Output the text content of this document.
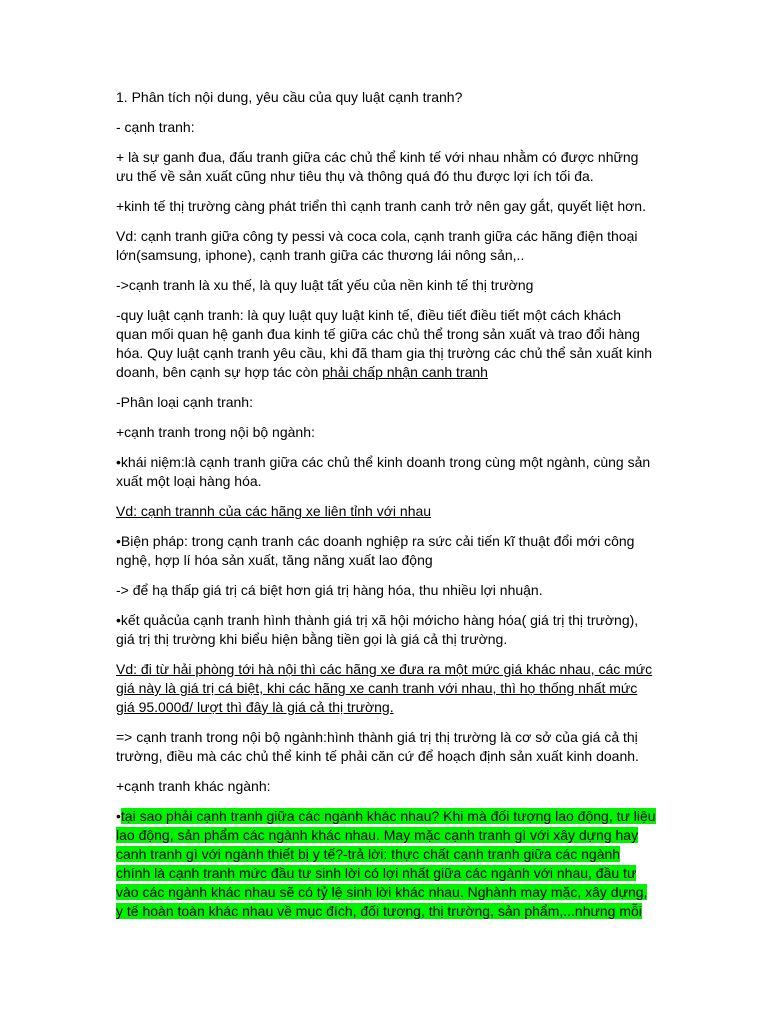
1. Phân tích nội dung, yêu cầu của quy luật cạnh tranh?

- cạnh tranh:

+ là sự ganh đua, đấu tranh giữa các chủ thể kinh tế với nhau nhằm có được những ưu thế về sản xuất cũng như tiêu thụ và thông quá đó thu được lợi ích tối đa.

+kinh tế thị trường càng phát triển thì cạnh tranh canh trở nên gay gắt, quyết liệt hơn.

Vd: cạnh tranh giữa công ty pessi và coca cola, cạnh tranh giữa các hãng điện thoại lớn(samsung, iphone), cạnh tranh giữa các thương lái nông sản,..

->cạnh tranh là xu thế, là quy luật tất yếu của nền kinh tế thị trường

-quy luật cạnh tranh: là quy luật quy luật kinh tế, điều tiết điều tiết một cách khách quan mối quan hệ ganh đua kinh tế giữa các chủ thể trong sản xuất và trao đổi hàng hóa. Quy luật cạnh tranh yêu cầu, khi đã tham gia thị trường các chủ thể sản xuất kinh doanh, bên cạnh sự hợp tác còn phải chấp nhận canh tranh

-Phân loại cạnh tranh:

+cạnh tranh trong nội bộ ngành:

•khái niệm:là cạnh tranh giữa các chủ thể kinh doanh trong cùng một ngành, cùng sản xuất một loại hàng hóa.

Vd: cạnh trannh của các hãng xe liên tỉnh với nhau

•Biện pháp: trong cạnh tranh các doanh nghiệp ra sức cải tiến kĩ thuật đổi mới công nghệ, hợp lí hóa sản xuất, tăng năng xuất lao động

-> để hạ thấp giá trị cá biệt hơn giá trị hàng hóa, thu nhiều lợi nhuận.

•kết quảcủa cạnh tranh hình thành giá trị xã hội mớicho hàng hóa( giá trị thị trường), giá trị thị trường khi biểu hiện bằng tiền gọi là giá cả thị trường.

Vd: đi từ hải phòng tới hà nội thì các hãng xe đưa ra một mức giá khác nhau, các mức giá này là giá trị cá biệt, khi các hãng xe canh tranh với nhau, thì họ thống nhất mức giá 95.000đ/ lượt thì đây là giá cả thị trường.

=> cạnh tranh trong nội bộ ngành:hình thành giá trị thị trường là cơ sở của giá cả thị trường, điều mà các chủ thể kinh tế phải căn cứ để hoạch định sản xuất kinh doanh.

+cạnh tranh khác ngành:

•tại sao phải cạnh tranh giữa các ngành khác nhau? Khi mà đối tượng lao động, tư liệu lao động, sản phẩm các ngành khác nhau. May mặc cạnh tranh gì với xây dựng hay canh tranh gì với ngành thiết bị y tế?-trả lời: thực chất cạnh tranh giữa các ngành chính là cạnh tranh mức đầu tư sinh lời có lợi nhất giữa các ngành với nhau, đầu tư vào các ngành khác nhau sẽ có tỷ lệ sinh lời khác nhau. Nghành may mặc, xây dựng, y tế hoàn toàn khác nhau về mục đích, đối tượng, thị trường, sản phẩm,...nhưng mỗi
